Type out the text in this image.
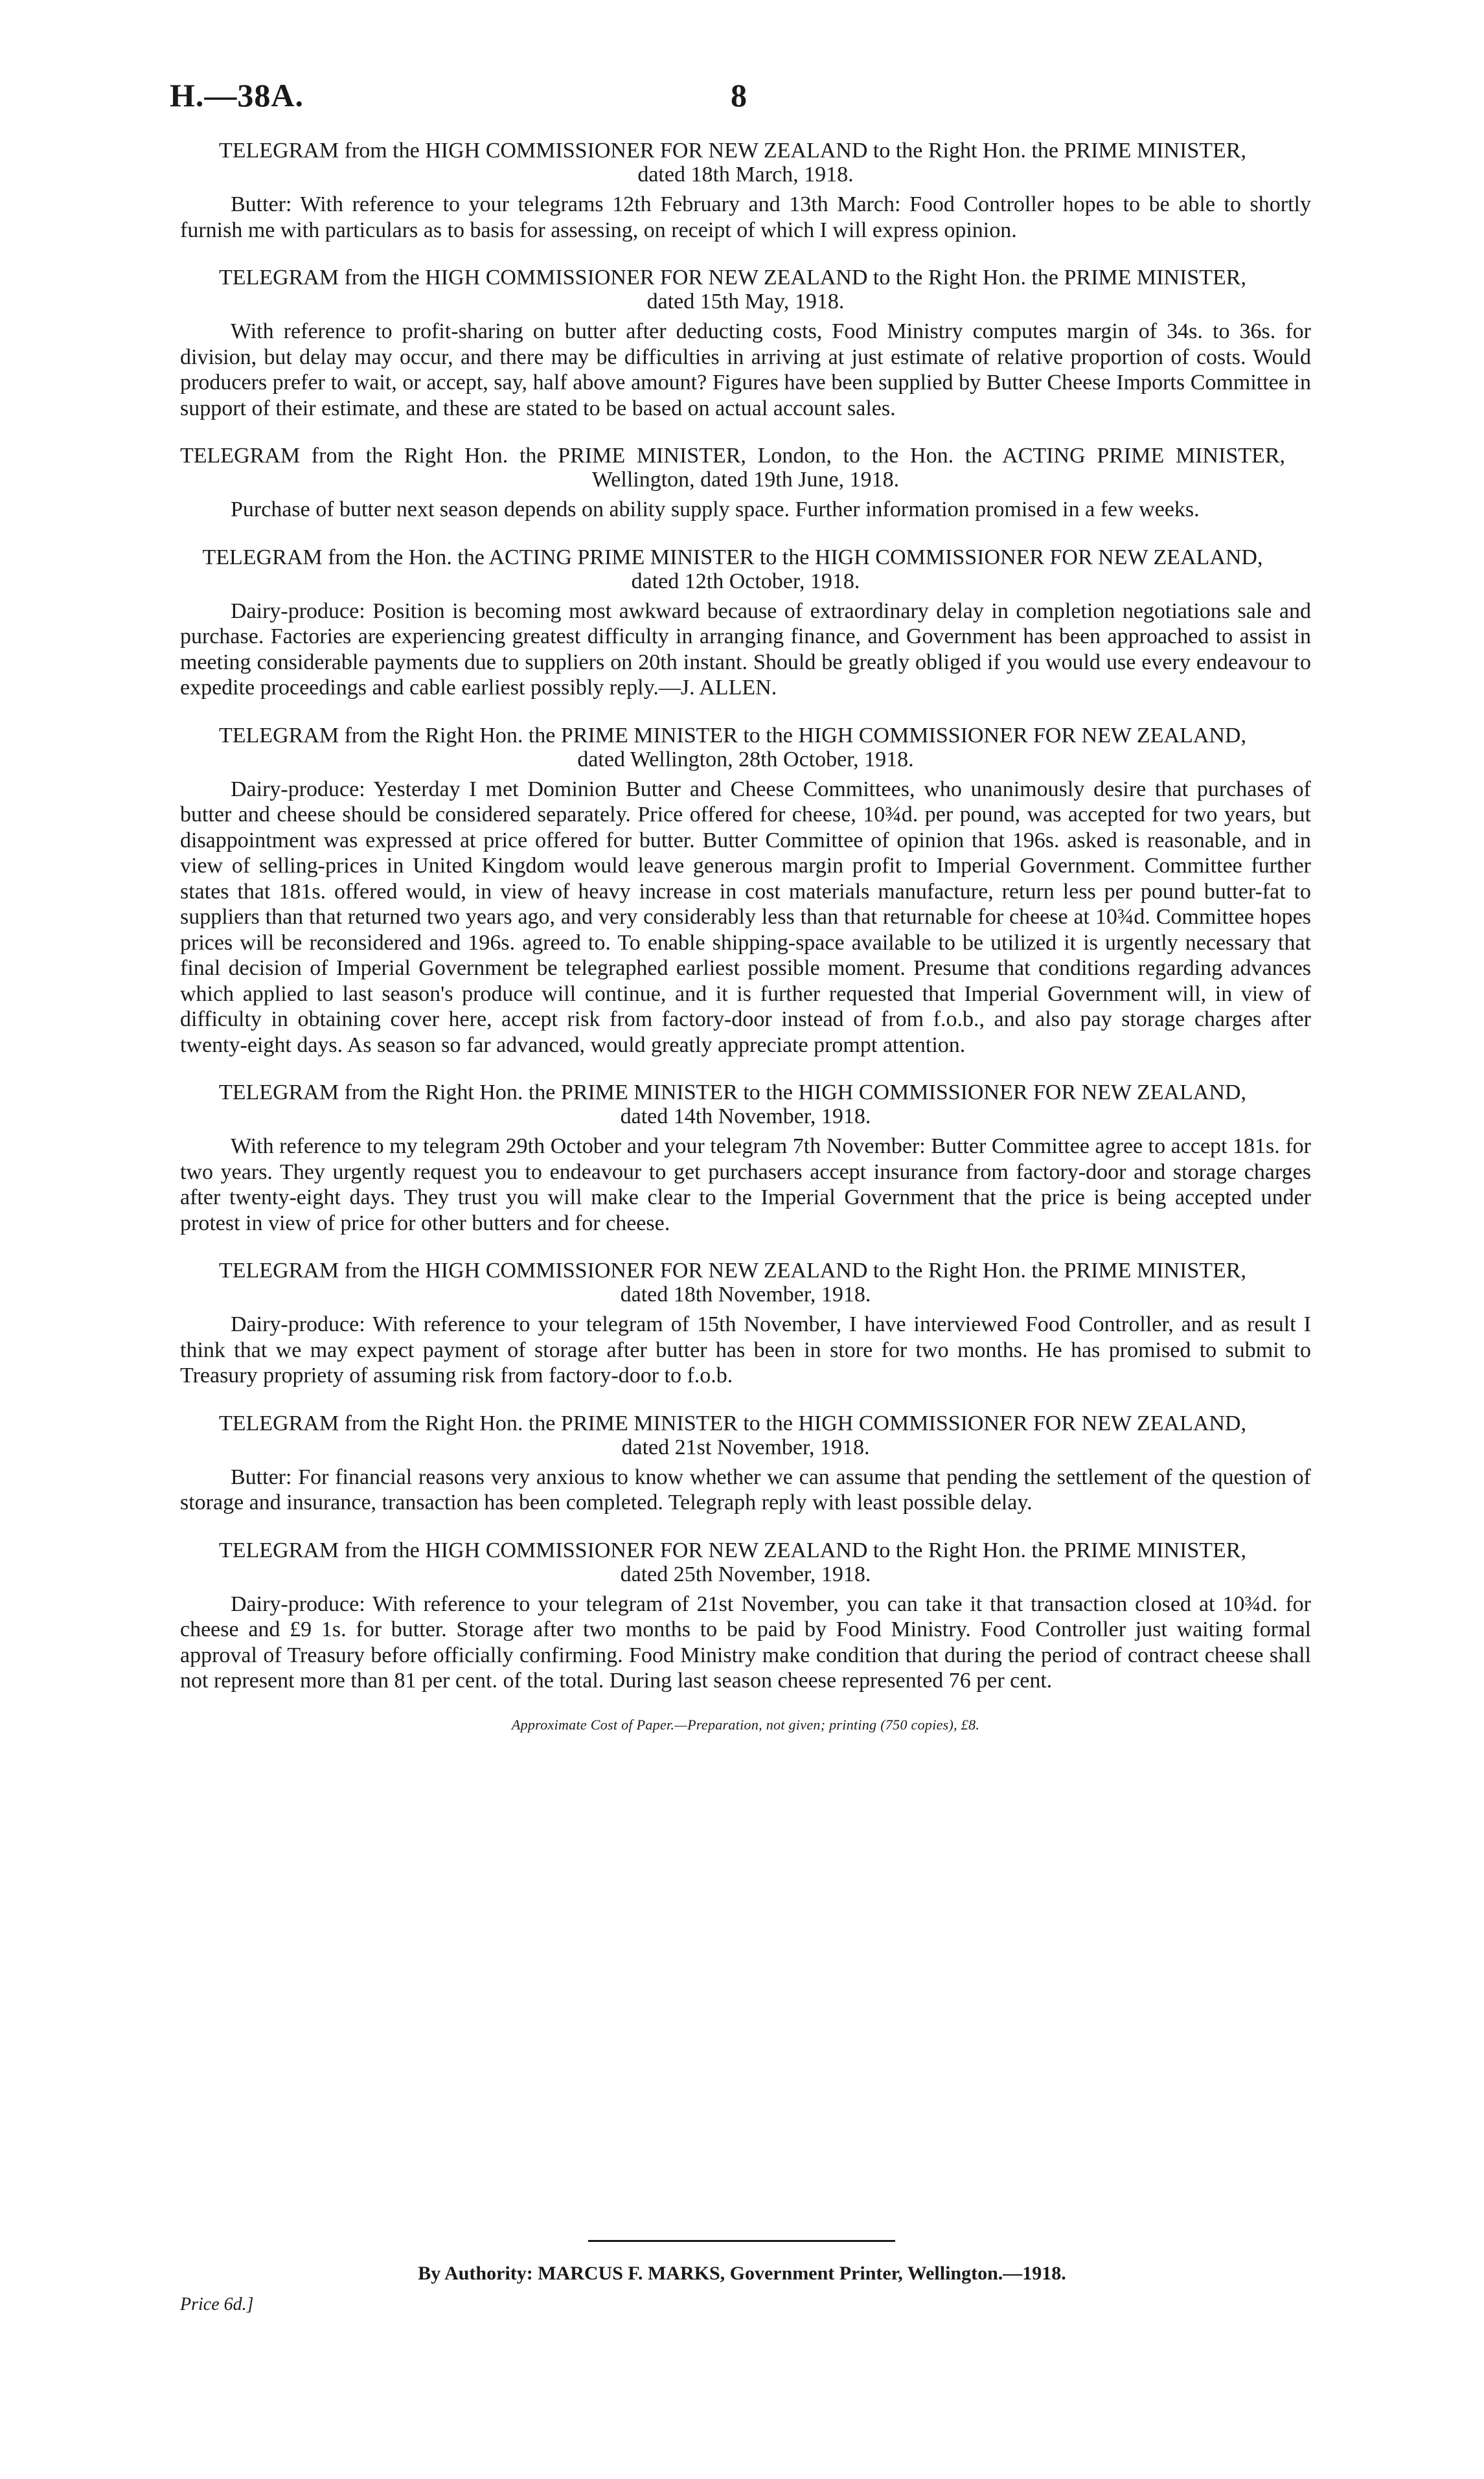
H.—38A.	8

TELEGRAM from the HIGH COMMISSIONER FOR NEW ZEALAND to the Right Hon. the PRIME MINISTER,
dated 18th March, 1918.

Butter: With reference to your telegrams 12th February and 13th March: Food Controller hopes to be able to shortly furnish me with particulars as to basis for assessing, on receipt of which I will express opinion.

TELEGRAM from the HIGH COMMISSIONER FOR NEW ZEALAND to the Right Hon. the PRIME MINISTER,
dated 15th May, 1918.

With reference to profit-sharing on butter after deducting costs, Food Ministry computes margin of 34s. to 36s. for division, but delay may occur, and there may be difficulties in arriving at just estimate of relative proportion of costs. Would producers prefer to wait, or accept, say, half above amount? Figures have been supplied by Butter Cheese Imports Committee in support of their estimate, and these are stated to be based on actual account sales.

TELEGRAM from the Right Hon. the PRIME MINISTER, London, to the Hon. the ACTING PRIME MINISTER, Wellington, dated 19th June, 1918.

Purchase of butter next season depends on ability supply space. Further information promised in a few weeks.

TELEGRAM from the Hon. the ACTING PRIME MINISTER to the HIGH COMMISSIONER FOR NEW ZEALAND,
dated 12th October, 1918.

Dairy-produce: Position is becoming most awkward because of extraordinary delay in completion negotiations sale and purchase. Factories are experiencing greatest difficulty in arranging finance, and Government has been approached to assist in meeting considerable payments due to suppliers on 20th instant. Should be greatly obliged if you would use every endeavour to expedite proceedings and cable earliest possibly reply.—J. ALLEN.

TELEGRAM from the Right Hon. the PRIME MINISTER to the HIGH COMMISSIONER FOR NEW ZEALAND,
dated Wellington, 28th October, 1918.

Dairy-produce: Yesterday I met Dominion Butter and Cheese Committees, who unanimously desire that purchases of butter and cheese should be considered separately. Price offered for cheese, 10¾d. per pound, was accepted for two years, but disappointment was expressed at price offered for butter. Butter Committee of opinion that 196s. asked is reasonable, and in view of selling-prices in United Kingdom would leave generous margin profit to Imperial Government. Committee further states that 181s. offered would, in view of heavy increase in cost materials manufacture, return less per pound butter-fat to suppliers than that returned two years ago, and very considerably less than that returnable for cheese at 10¾d. Committee hopes prices will be reconsidered and 196s. agreed to. To enable shipping-space available to be utilized it is urgently necessary that final decision of Imperial Government be telegraphed earliest possible moment. Presume that conditions regarding advances which applied to last season's produce will continue, and it is further requested that Imperial Government will, in view of difficulty in obtaining cover here, accept risk from factory-door instead of from f.o.b., and also pay storage charges after twenty-eight days. As season so far advanced, would greatly appreciate prompt attention.

TELEGRAM from the Right Hon. the PRIME MINISTER to the HIGH COMMISSIONER FOR NEW ZEALAND,
dated 14th November, 1918.

With reference to my telegram 29th October and your telegram 7th November: Butter Committee agree to accept 181s. for two years. They urgently request you to endeavour to get purchasers accept insurance from factory-door and storage charges after twenty-eight days. They trust you will make clear to the Imperial Government that the price is being accepted under protest in view of price for other butters and for cheese.

TELEGRAM from the HIGH COMMISSIONER FOR NEW ZEALAND to the Right Hon. the PRIME MINISTER,
dated 18th November, 1918.

Dairy-produce: With reference to your telegram of 15th November, I have interviewed Food Controller, and as result I think that we may expect payment of storage after butter has been in store for two months. He has promised to submit to Treasury propriety of assuming risk from factory-door to f.o.b.

TELEGRAM from the Right Hon. the PRIME MINISTER to the HIGH COMMISSIONER FOR NEW ZEALAND,
dated 21st November, 1918.

Butter: For financial reasons very anxious to know whether we can assume that pending the settlement of the question of storage and insurance, transaction has been completed. Telegraph reply with least possible delay.

TELEGRAM from the HIGH COMMISSIONER FOR NEW ZEALAND to the Right Hon. the PRIME MINISTER,
dated 25th November, 1918.

Dairy-produce: With reference to your telegram of 21st November, you can take it that transaction closed at 10¾d. for cheese and £9 1s. for butter. Storage after two months to be paid by Food Ministry. Food Controller just waiting formal approval of Treasury before officially confirming. Food Ministry make condition that during the period of contract cheese shall not represent more than 81 per cent. of the total. During last season cheese represented 76 per cent.

Approximate Cost of Paper.—Preparation, not given; printing (750 copies), £8.
By Authority: MARCUS F. MARKS, Government Printer, Wellington.—1918.
Price 6d.]
